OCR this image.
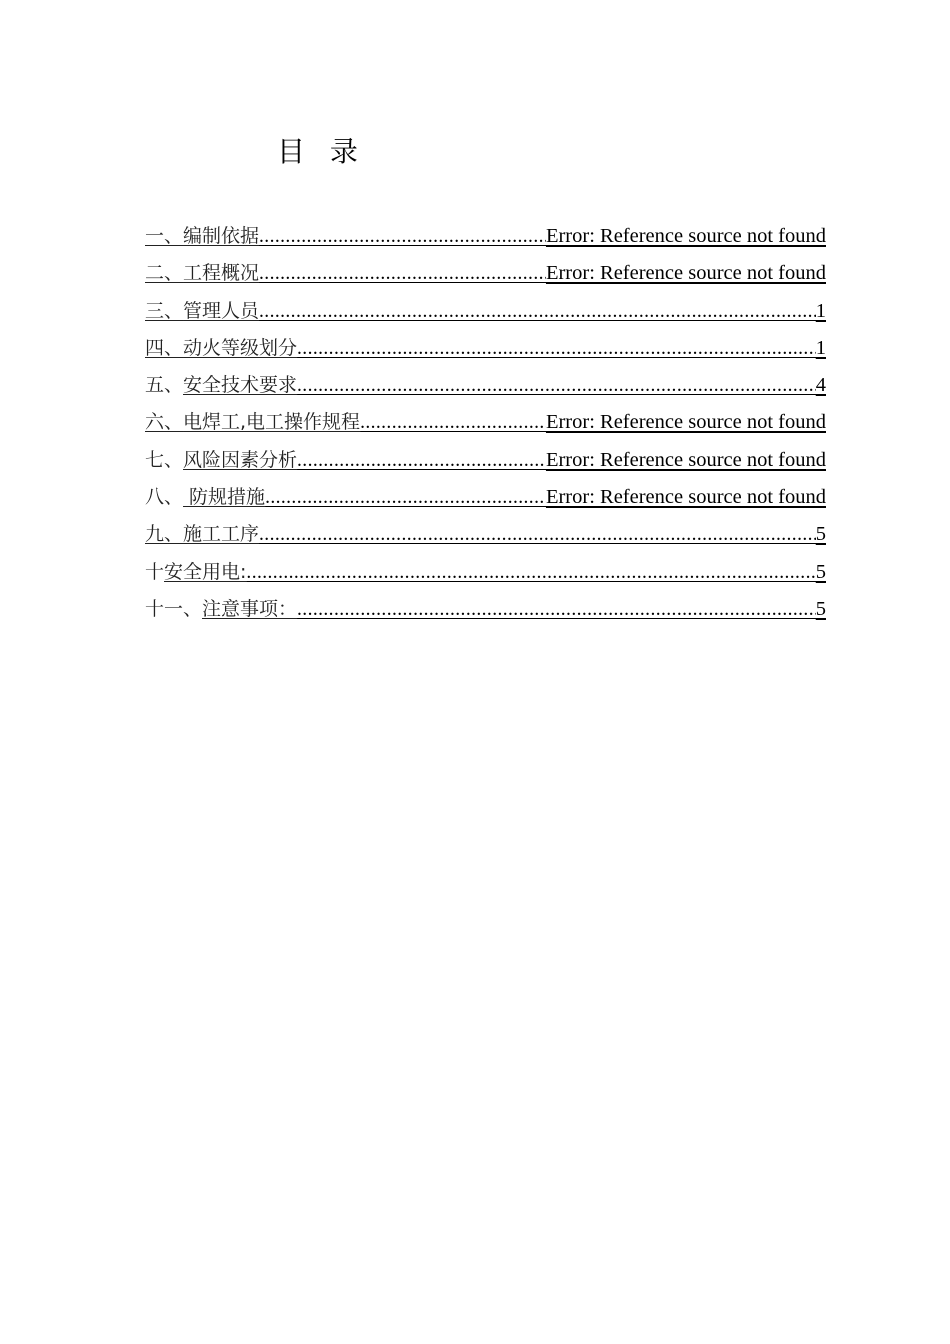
目 录
一、 编制依据 .....	Error: Reference source not found
二、 工程概况 .....	Error: Reference source not found
三、 管理人员 .....	1
四、 动火等级划分 .....	1
五、 安全技术要求 .....	4
六、 电焊工,电工操作规程 .....	Error: Reference source not found
七、 风险因素分析 .....	Error: Reference source not found
八、 防规措施 .....	Error: Reference source not found
九、 施工工序 .....	5
十 安全用电: .....	5
十一、 注意事项： .....	5
